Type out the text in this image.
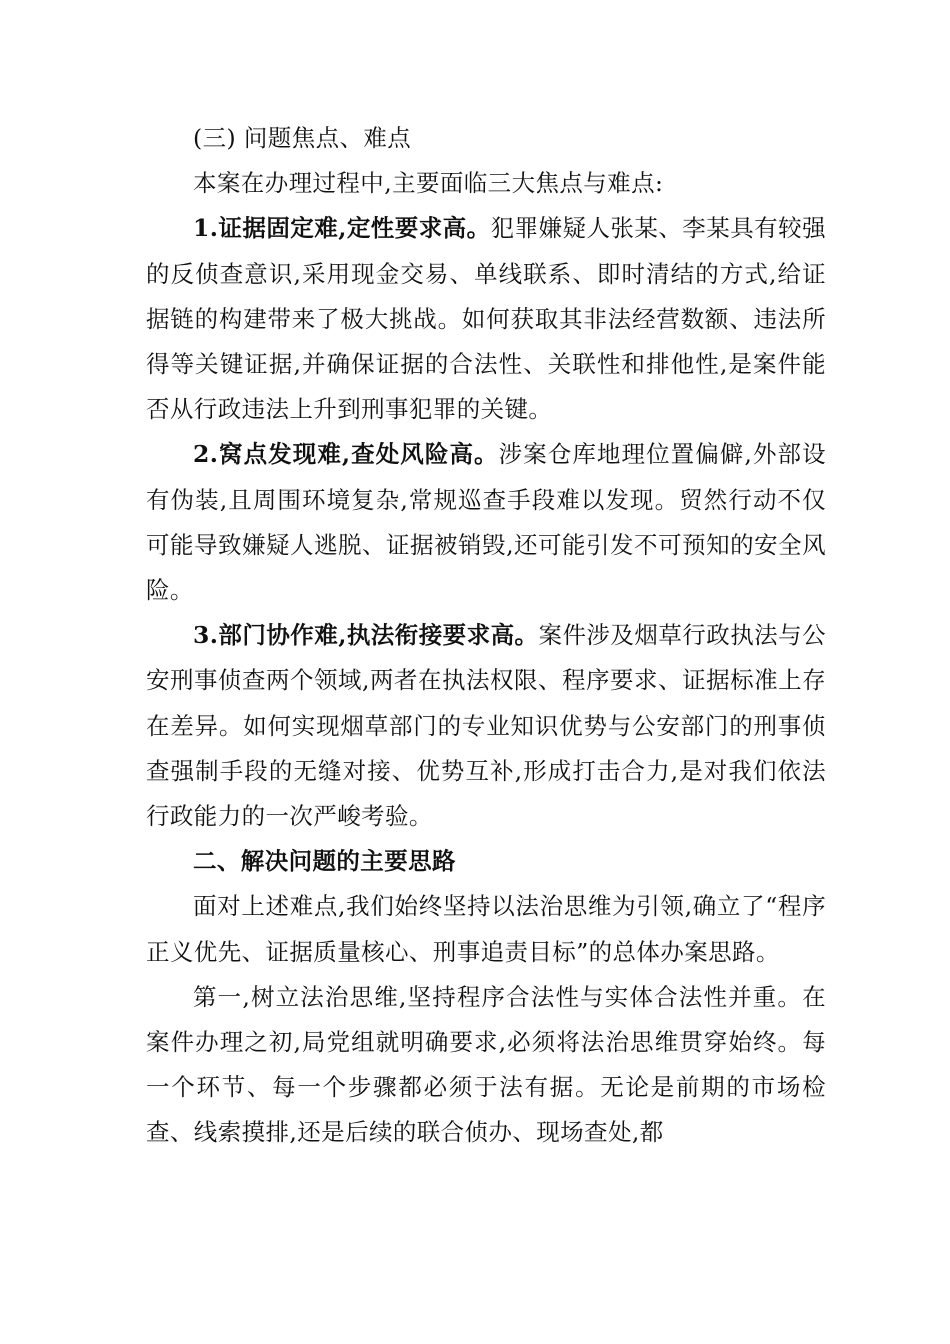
(三) 问题焦点、难点

本案在办理过程中,主要面临三大焦点与难点:

1.证据固定难,定性要求高。犯罪嫌疑人张某、李某具有较强的反侦查意识,采用现金交易、单线联系、即时清结的方式,给证据链的构建带来了极大挑战。如何获取其非法经营数额、违法所得等关键证据,并确保证据的合法性、关联性和排他性,是案件能否从行政违法上升到刑事犯罪的关键。

2.窝点发现难,查处风险高。涉案仓库地理位置偏僻,外部设有伪装,且周围环境复杂,常规巡查手段难以发现。贸然行动不仅可能导致嫌疑人逃脱、证据被销毁,还可能引发不可预知的安全风险。

3.部门协作难,执法衔接要求高。案件涉及烟草行政执法与公安刑事侦查两个领域,两者在执法权限、程序要求、证据标准上存在差异。如何实现烟草部门的专业知识优势与公安部门的刑事侦查强制手段的无缝对接、优势互补,形成打击合力,是对我们依法行政能力的一次严峻考验。

二、解决问题的主要思路

面对上述难点,我们始终坚持以法治思维为引领,确立了“程序正义优先、证据质量核心、刑事追责目标”的总体办案思路。

第一,树立法治思维,坚持程序合法性与实体合法性并重。在案件办理之初,局党组就明确要求,必须将法治思维贯穿始终。每一个环节、每一个步骤都必须于法有据。无论是前期的市场检查、线索摸排,还是后续的联合侦办、现场查处,都
